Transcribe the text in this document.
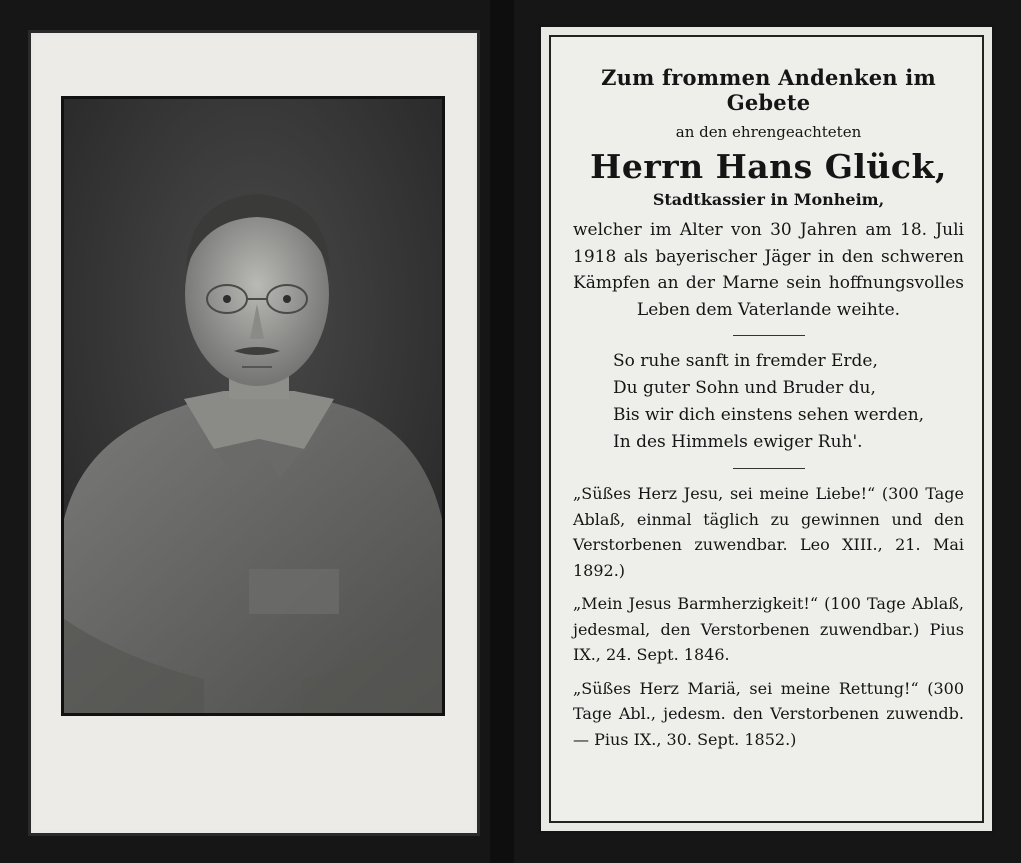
Zum frommen Andenken im Gebete
an den ehrengeachteten
Herrn Hans Glück,
Stadtkassier in Monheim,

welcher im Alter von 30 Jahren am 18. Juli 1918 als bayerischer Jäger in den schweren Kämpfen an der Marne sein hoffnungsvolles Leben dem Vaterlande weihte.

So ruhe sanft in fremder Erde,
Du guter Sohn und Bruder du,
Bis wir dich einstens sehen werden,
In des Himmels ewiger Ruh'.

„Süßes Herz Jesu, sei meine Liebe!“ (300 Tage Ablaß, einmal täglich zu gewinnen und den Verstorbenen zuwendbar. Leo XIII., 21. Mai 1892.)

„Mein Jesus Barmherzigkeit!“ (100 Tage Ablaß, jedesmal, den Verstorbenen zuwendbar.) Pius IX., 24. Sept. 1846.

„Süßes Herz Mariä, sei meine Rettung!“ (300 Tage Abl., jedesm. den Verstorbenen zuwendb. — Pius IX., 30. Sept. 1852.)
